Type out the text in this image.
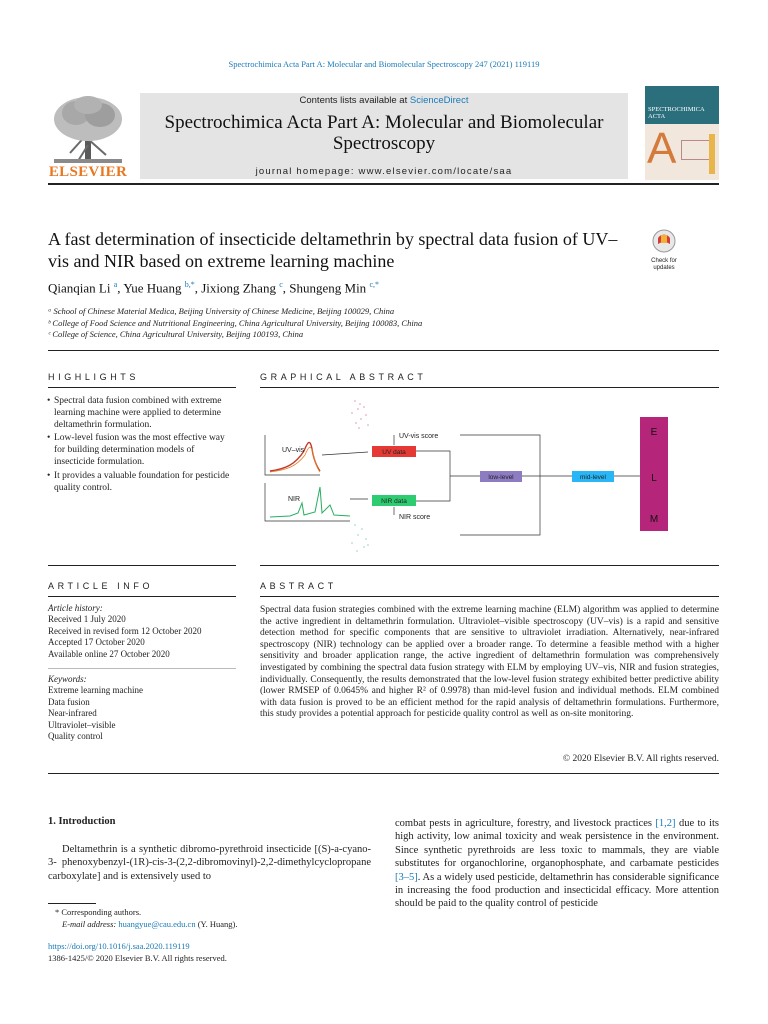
Spectrochimica Acta Part A: Molecular and Biomolecular Spectroscopy 247 (2021) 119119
ELSEVIER
Contents lists available at ScienceDirect
Spectrochimica Acta Part A: Molecular and Biomolecular Spectroscopy
journal homepage: www.elsevier.com/locate/saa
SPECTROCHIMICA ACTA
A
A fast determination of insecticide deltamethrin by spectral data fusion of UV–vis and NIR based on extreme learning machine	Check for
updates
Qianqian Li $^a$, Yue Huang $^{b,*}$, Jixiong Zhang $^c$, Shungeng Min $^{c,*}$
ᵃ School of Chinese Material Medica, Beijing University of Chinese Medicine, Beijing 100029, China
ᵇ College of Food Science and Nutritional Engineering, China Agricultural University, Beijing 100083, China
ᶜ College of Science, China Agricultural University, Beijing 100193, China
HIGHLIGHTS
• Spectral data fusion combined with extreme learning machine were applied to determine deltamethrin formulation.
• Low-level fusion was the most effective way for building determination models of insecticide formulation.
• It provides a valuable foundation for pesticide quality control.
GRAPHICAL ABSTRACT
UV–vis
NIR
UV data
NIR data
UV-vis score
NIR score
low-level	mid-level
E
L
M
ARTICLE INFO
Article history:
Received 1 July 2020
Received in revised form 12 October 2020
Accepted 17 October 2020
Available online 27 October 2020
Keywords:
Extreme learning machine
Data fusion
Near-infrared
Ultraviolet–visible
Quality control
ABSTRACT
Spectral data fusion strategies combined with the extreme learning machine (ELM) algorithm was applied to determine the active ingredient in deltamethrin formulation. Ultraviolet–visible spectroscopy (UV–vis) is a rapid and sensitive detection method for specific components that are sensitive to ultraviolet irradiation. Alternatively, near-infrared spectroscopy (NIR) technology can be applied over a broader range. To determine a feasible method with a higher sensitivity and broader application range, the active ingredient of deltamethrin formulation was comprehensively investigated by combining the spectral data fusion strategy with ELM by employing UV–vis, NIR and fusion strategies, individually. Consequently, the results demonstrated that the low-level fusion strategy exhibited better predictive ability (lower RMSEP of 0.0645% and higher R² of 0.9978) than mid-level fusion and individual methods. ELM combined with data fusion is proved to be an efficient method for the rapid analysis of deltamethrin formulations. Furthermore, this study provides a potential approach for pesticide quality control as well as on-site monitoring.
© 2020 Elsevier B.V. All rights reserved.
1. Introduction
Deltamethrin is a synthetic dibromo-pyrethroid insecticide [(S)-a-cyano-3- phenoxybenzyl-(1R)-cis-3-(2,2-dibromovinyl)-2,2-dimethylcyclopropane carboxylate] and is extensively used to
combat pests in agriculture, forestry, and livestock practices [1,2] due to its high activity, low animal toxicity and weak persistence in the environment. Since synthetic pyrethroids are less toxic to mammals, they are viable substitutes for organochlorine, organophosphate, and carbamate pesticides [3–5]. As a widely used pesticide, deltamethrin has considerable significance in increasing the food production and insecticidal efficacy. More attention should be paid to the quality control of pesticide
* Corresponding authors.
E-mail address: huangyue@cau.edu.cn (Y. Huang).
https://doi.org/10.1016/j.saa.2020.119119
1386-1425/© 2020 Elsevier B.V. All rights reserved.
